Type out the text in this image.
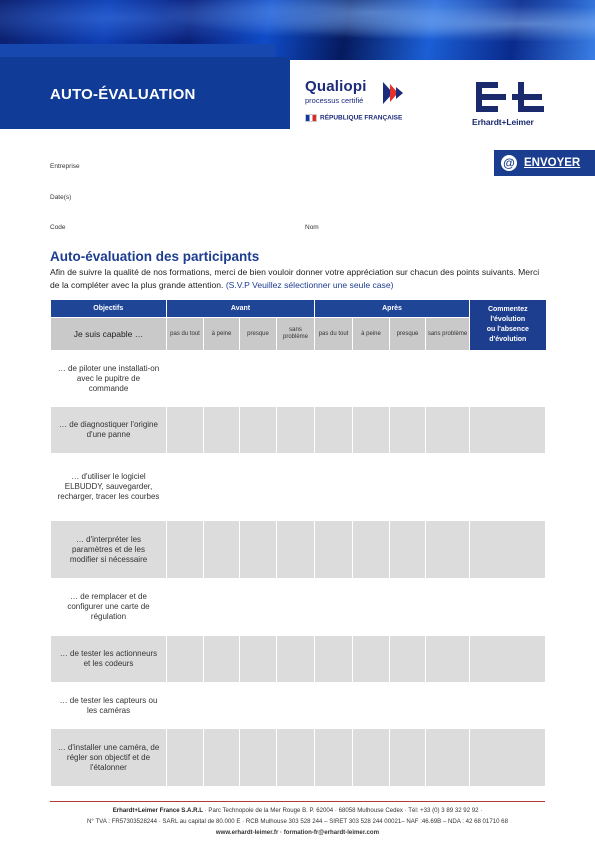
AUTO-ÉVALUATION	Qualiopi
processus certifié
RÉPUBLIQUE FRANÇAISE	Erhardt+Leimer
@ ENVOYER
Entreprise
Date(s)
Code	Nom
Auto-évaluation des participants
Afin de suivre la qualité de nos formations, merci de bien vouloir donner votre appréciation sur chacun des points suivants. Merci de la compléter avec la plus grande attention. (S.V.P Veuillez sélectionner une seule case)
Objectifs	Avant				Après				Commentez
l'évolution
ou l'absence
d'évolution
Je suis capable …	pas du tout	à peine	presque	sans problème	pas du tout	à peine	presque	sans problème	
… de piloter une installati-on avec le pupitre de commande									
… de diagnostiquer l'origine d'une panne									
… d'utiliser le logiciel ELBUDDY, sauvegarder, recharger, tracer les courbes									
… d'interpréter les paramètres et de les modifier si nécessaire									
… de remplacer et de configurer une carte de régulation									
… de tester les actionneurs et les codeurs									
… de tester les capteurs ou les caméras									
… d'installer une caméra, de régler son objectif et de l'étalonner									
Erhardt+Leimer France S.A.R.L · Parc Technopole de la Mer Rouge B. P. 62004 · 68058 Mulhouse Cedex · Tél: +33 (0) 3 89 32 92 92 ·
N° TVA : FR57303528244 · SARL au capital de 80.000 E · RCB Mulhouse 303 528 244 – SIRET 303 528 244 00021– NAF :46.69B – NDA : 42 68 01710 68
www.erhardt-leimer.fr · formation-fr@erhardt-leimer.com
